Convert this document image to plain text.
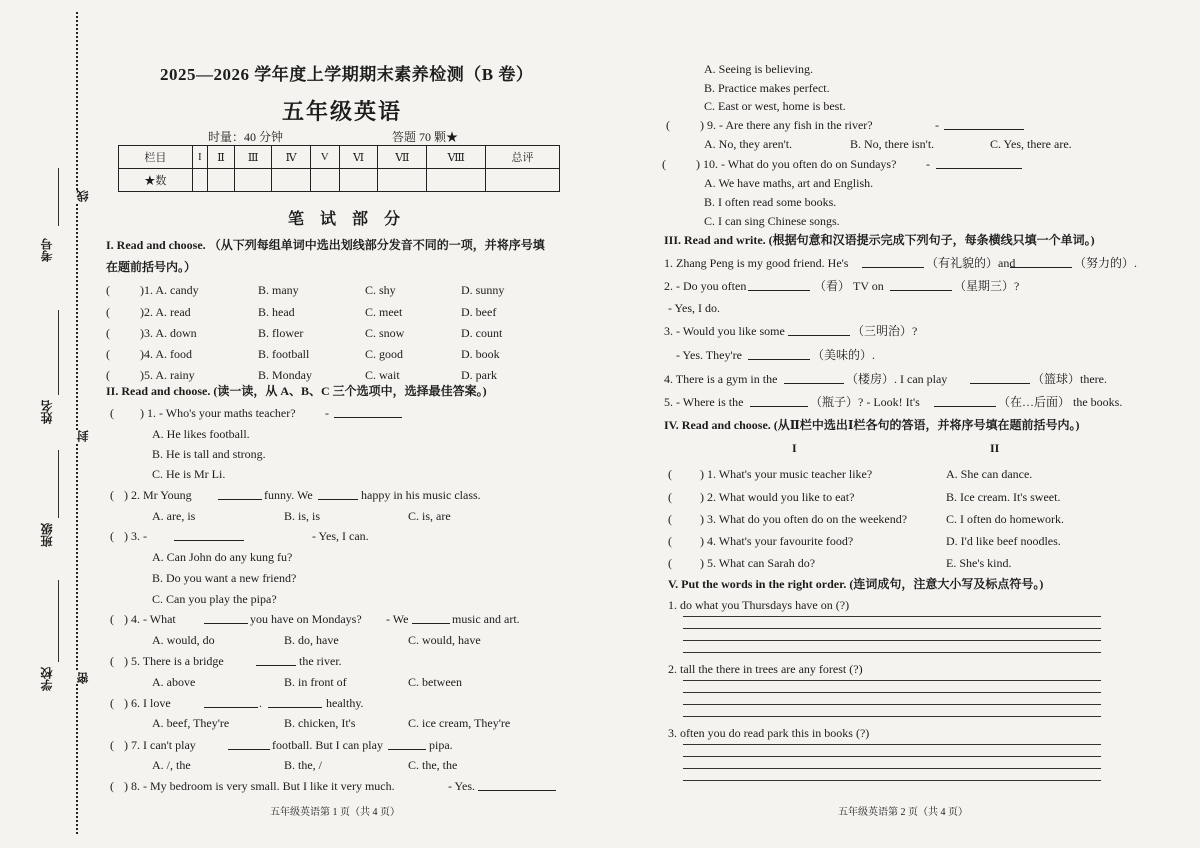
考号
姓名
班级
学校
线
封
密
2025—2026 学年度上学期期末素养检测（B 卷）
五年级英语
时量：40 分钟	答题 70 颗★
栏目	I	Ⅱ	Ⅲ	Ⅳ	V	Ⅵ	Ⅶ	Ⅷ	总评
★数									
笔 试 部 分
I. Read and choose. （从下列每组单词中选出划线部分发音不同的一项，并将序号填
在题前括号内。）
(	)1. A. candy	B. many	C. shy	D. sunny
(	)2. A. read	B. head	C. meet	D. beef
(	)3. A. down	B. flower	C. snow	D. count
(	)4. A. food	B. football	C. good	D. book
(	)5. A. rainy	B. Monday	C. wait	D. park
II. Read and choose. (读一读，从 A、B、C 三个选项中，选择最佳答案。)
( ) 1. - Who's your maths teacher? -
A. He likes football.
B. He is tall and strong.
C. He is Mr Li.
( ) 2. Mr Young	funny. We	happy in his music class.
A. are, is	B. is, is	C. is, are
( ) 3. -	- Yes, I can.
A. Can John do any kung fu?
B. Do you want a new friend?
C. Can you play the pipa?
( ) 4. - What	you have on Mondays? - We	music and art.
A. would, do	B. do, have	C. would, have
( ) 5. There is a bridge	the river.
A. above	B. in front of	C. between
( ) 6. I love	.	healthy.
A. beef, They're	B. chicken, It's	C. ice cream, They're
( ) 7. I can't play	football. But I can play	pipa.
A. /, the	B. the, /	C. the, the
( ) 8. - My bedroom is very small. But I like it very much.	- Yes.
五年级英语第 1 页（共 4 页）
A. Seeing is believing.
B. Practice makes perfect.
C. East or west, home is best.
(	) 9. - Are there any fish in the river?	-
A. No, they aren't.	B. No, there isn't.	C. Yes, there are.
(	) 10. - What do you often do on Sundays? -
A. We have maths, art and English.
B. I often read some books.
C. I can sing Chinese songs.
III. Read and write. (根据句意和汉语提示完成下列句子，每条横线只填一个单词。)
1. Zhang Peng is my good friend. He's	（有礼貌的）and	（努力的）.
2. - Do you often	（看） TV on	（星期三）?
- Yes, I do.
3. - Would you like some	（三明治）?
- Yes. They're	（美味的）.
4. There is a gym in the	（楼房）. I can play	（篮球）there.
5. - Where is the	（瓶子）? - Look! It's	（在…后面） the books.
IV. Read and choose. (从Ⅱ栏中选出Ⅰ栏各句的答语，并将序号填在题前括号内。)
I	II
( ) 1. What's your music teacher like?	A. She can dance.
( ) 2. What would you like to eat?	B. Ice cream. It's sweet.
( ) 3. What do you often do on the weekend?	C. I often do homework.
( ) 4. What's your favourite food?	D. I'd like beef noodles.
( ) 5. What can Sarah do?	E. She's kind.
V. Put the words in the right order. (连词成句，注意大小写及标点符号。)
1. do what you Thursdays have on (?)
2. tall the there in trees are any forest (?)
3. often you do read park this in books (?)
五年级英语第 2 页（共 4 页）
